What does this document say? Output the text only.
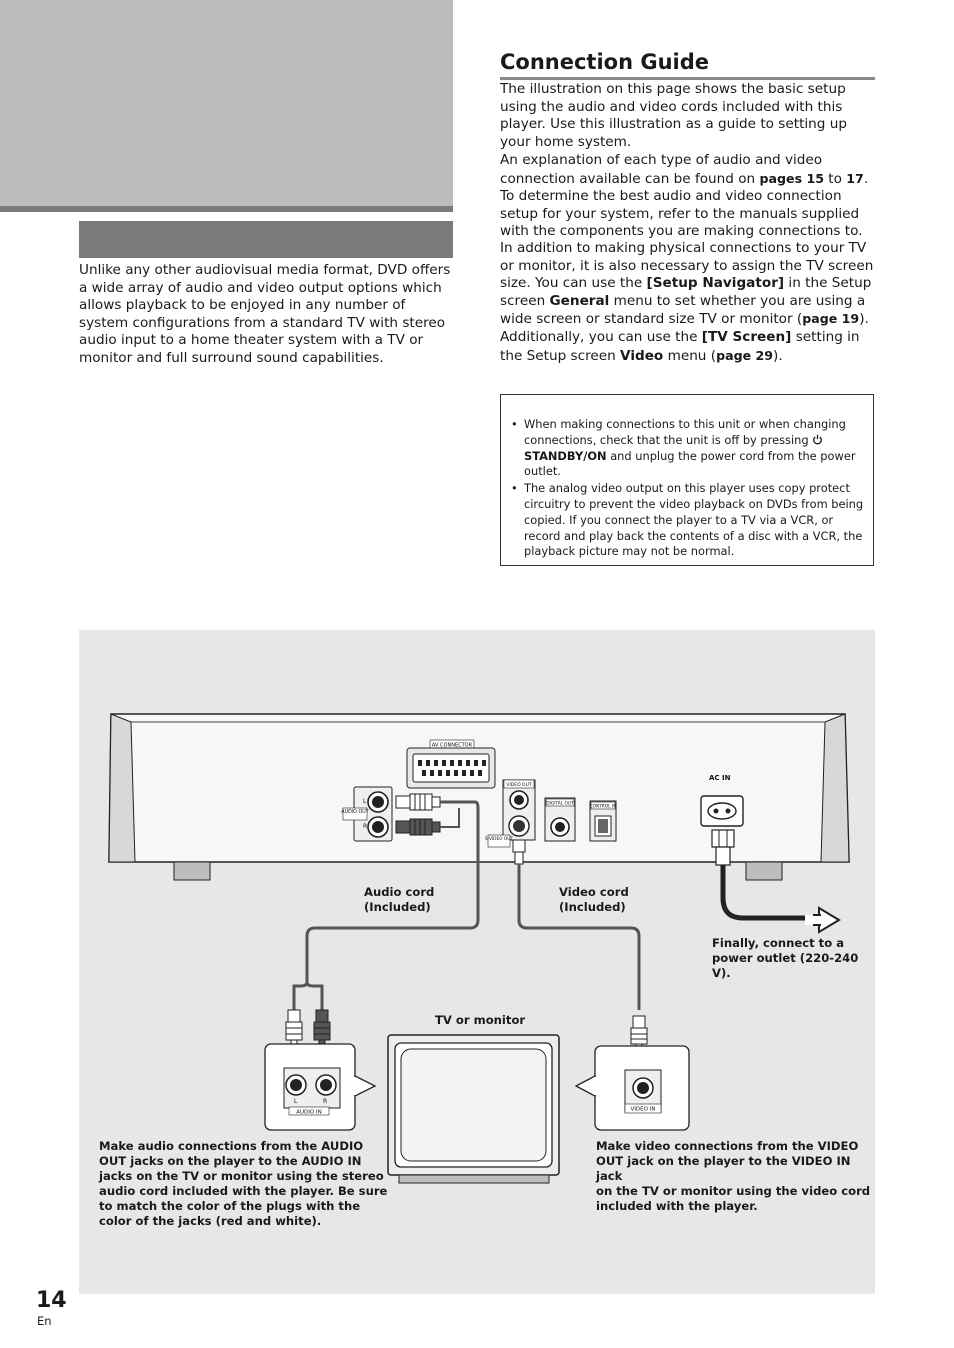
Unlike any other audiovisual media format, DVD offers a wide array of audio and video output options which allows playback to be enjoyed in any number of system configurations from a standard TV with stereo audio input to a home theater system with a TV or monitor and full surround sound capabilities.

Connection Guide

The illustration on this page shows the basic setup using the audio and video cords included with this player. Use this illustration as a guide to setting up your home system.

An explanation of each type of audio and video connection available can be found on pages 15 to 17. To determine the best audio and video connection setup for your system, refer to the manuals supplied with the components you are making connections to.

In addition to making physical connections to your TV or monitor, it is also necessary to assign the TV screen size. You can use the [Setup Navigator] in the Setup screen General menu to set whether you are using a wide screen or standard size TV or monitor (page 19). Additionally, you can use the [TV Screen] setting in the Setup screen Video menu (page 29).

• When making connections to this unit or when changing connections, check that the unit is off by pressing STANDBY/ON and unplug the power cord from the power outlet.
• The analog video output on this player uses copy protect circuitry to prevent the video playback on DVDs from being copied. If you connect the player to a TV via a VCR, or record and play back the contents of a disc with a VCR, the playback picture may not be normal.
AV CONNECTOR
L
R
AUDIO OUT
VIDEO OUT
S-VIDEO OUT
DIGITAL OUT
CONTROL IN
AC IN
L	R
AUDIO IN	VIDEO IN
Audio cord
(Included)
Video cord
(Included)
Finally, connect to a
power outlet (220-240 V).
TV or monitor
Make audio connections from the AUDIO
OUT jacks on the player to the AUDIO IN
jacks on the TV or monitor using the stereo
audio cord included with the player. Be sure
to match the color of the plugs with the
color of the jacks (red and white).
Make video connections from the VIDEO
OUT jack on the player to the VIDEO IN jack
on the TV or monitor using the video cord
included with the player.

14

En
